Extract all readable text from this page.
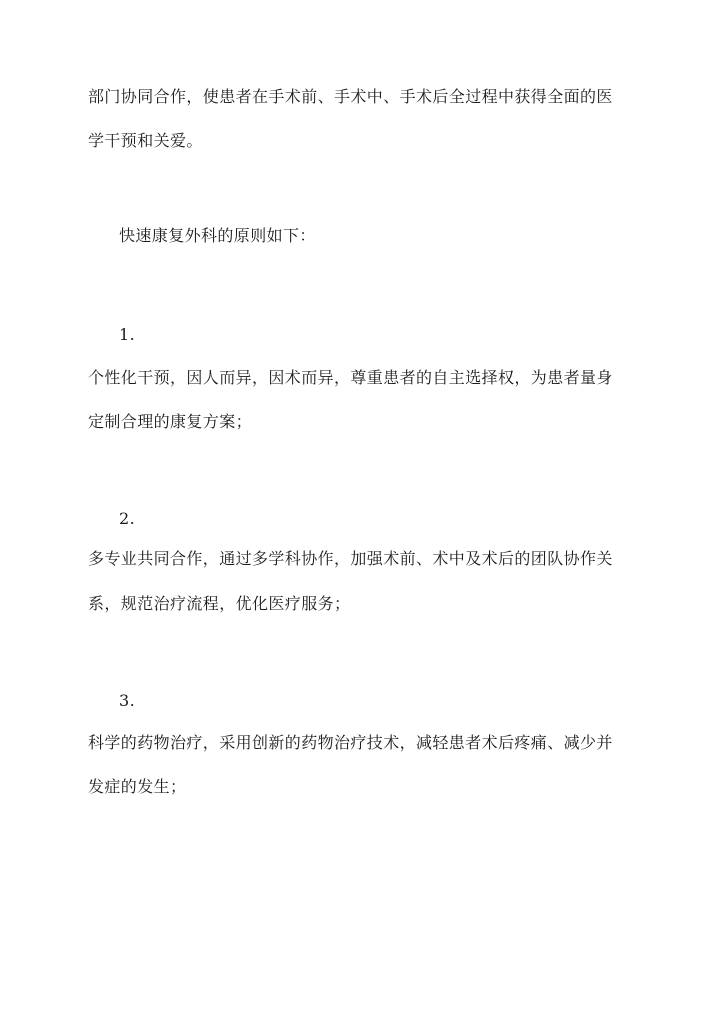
部门协同合作，使患者在手术前、手术中、手术后全过程中获得全面的医
学干预和关爱。
快速康复外科的原则如下：
1.
个性化干预，因人而异，因术而异，尊重患者的自主选择权，为患者量身
定制合理的康复方案；
2.
多专业共同合作，通过多学科协作，加强术前、术中及术后的团队协作关
系，规范治疗流程，优化医疗服务；
3.
科学的药物治疗，采用创新的药物治疗技术，减轻患者术后疼痛、减少并
发症的发生；
